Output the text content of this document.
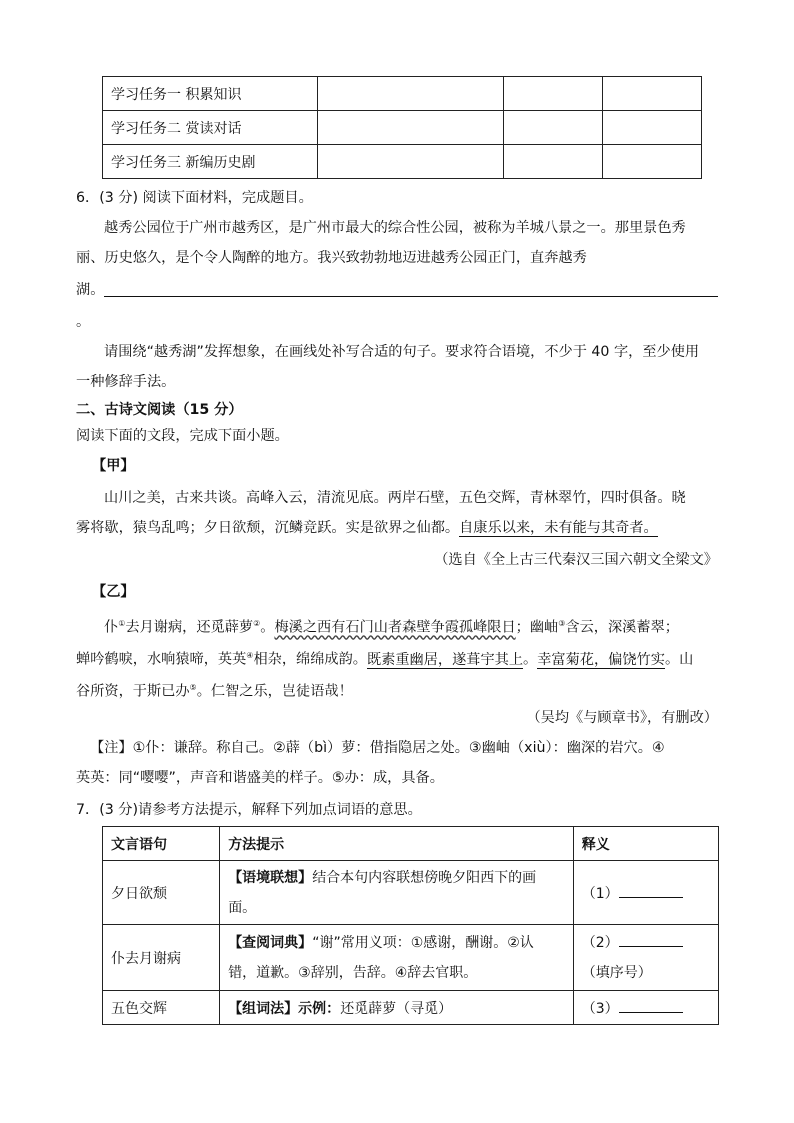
学习任务一 积累知识			
学习任务二 赏读对话			
学习任务三 新编历史剧			
6．(3 分) 阅读下面材料，完成题目。
越秀公园位于广州市越秀区，是广州市最大的综合性公园，被称为羊城八景之一。那里景色秀
丽、历史悠久，是个令人陶醉的地方。我兴致勃勃地迈进越秀公园正门，直奔越秀
湖。
。
请围绕“越秀湖”发挥想象，在画线处补写合适的句子。要求符合语境，不少于 40 字，至少使用
一种修辞手法。
二、古诗文阅读（15 分）
阅读下面的文段，完成下面小题。
【甲】
山川之美，古来共谈。高峰入云，清流见底。两岸石壁，五色交辉，青林翠竹，四时俱备。晓
雾将歇，猿鸟乱鸣；夕日欲颓，沉鳞竞跃。实是欲界之仙都。自康乐以来，未有能与其奇者。
（选自《全上古三代秦汉三国六朝文全梁文》
【乙】
仆①去月谢病，还觅薜萝②。梅溪之西有石门山者森壁争霞孤峰限日；幽岫③含云，深溪蓄翠；
蝉吟鹤唳，水响猿啼，英英④相杂，绵绵成韵。既素重幽居，遂葺宇其上。幸富菊花，偏饶竹实。山
谷所资，于斯已办⑤。仁智之乐，岂徒语哉！
（吴均《与顾章书》，有删改）
【注】①仆：谦辞。称自己。②薜（bì）萝：借指隐居之处。③幽岫（xiù）：幽深的岩穴。④
英英：同“嘤嘤”，声音和谐盛美的样子。⑤办：成，具备。
7．(3 分)请参考方法提示，解释下列加点词语的意思。
文言语句	方法提示	释义
夕日欲颓	【语境联想】结合本句内容联想傍晚夕阳西下的画
面。	（1）
仆去月谢病	【查阅词典】“谢”常用义项：①感谢，酬谢。②认
错，道歉。③辞别，告辞。④辞去官职。	（2）
（填序号）
五色交辉	【组词法】示例：还觅薜萝（寻觅）	（3）
